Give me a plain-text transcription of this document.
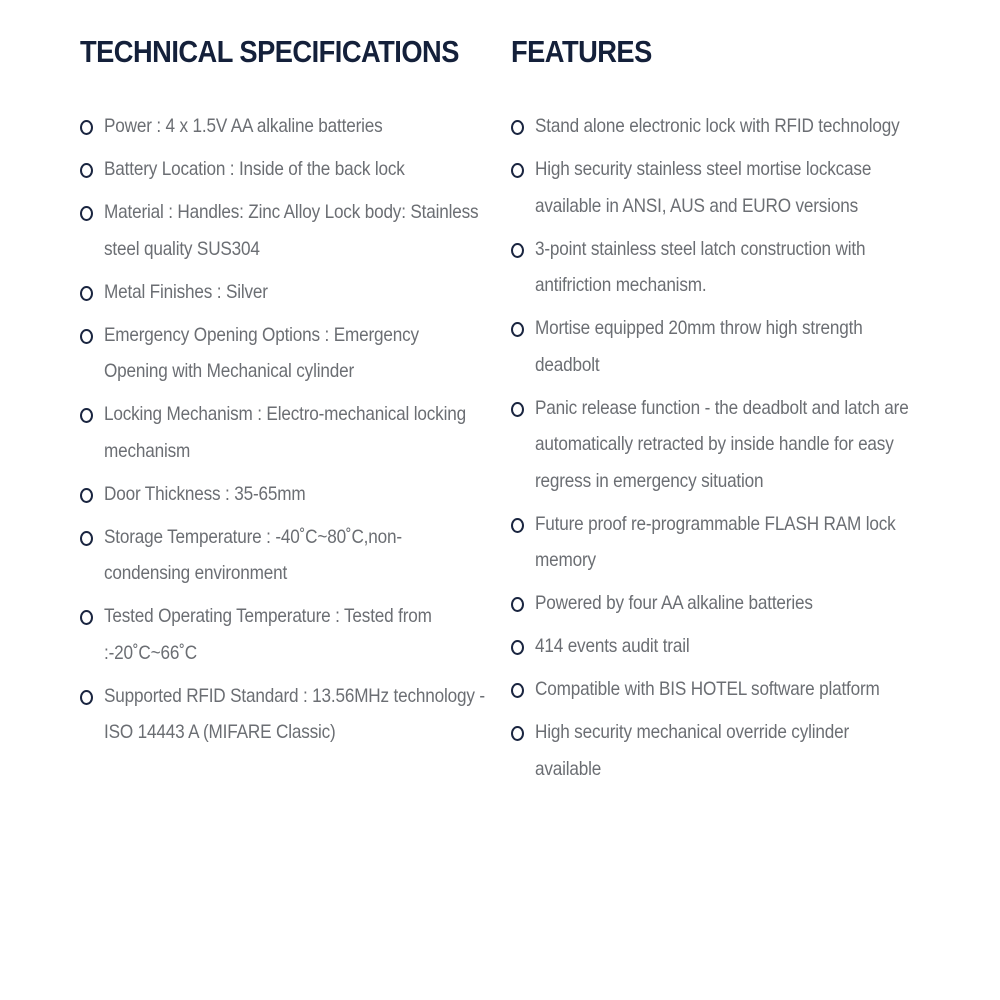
TECHNICAL SPECIFICATIONS
Power : 4 x 1.5V AA alkaline batteries
Battery Location : Inside of the back lock
Material : Handles: Zinc Alloy Lock body: Stainless steel quality SUS304
Metal Finishes : Silver
Emergency Opening Options : Emergency Opening with Mechanical cylinder
Locking Mechanism : Electro-mechanical locking mechanism
Door Thickness : 35-65mm
Storage Temperature : -40˚C~80˚C,non-condensing environment
Tested Operating Temperature : Tested from :-20˚C~66˚C
Supported RFID Standard : 13.56MHz technology - ISO 14443 A (MIFARE Classic)
FEATURES
Stand alone electronic lock with RFID technology
High security stainless steel mortise lockcase available in ANSI, AUS and EURO versions
3-point stainless steel latch construction with antifriction mechanism.
Mortise equipped 20mm throw high strength deadbolt
Panic release function - the deadbolt and latch are automatically retracted by inside handle for easy regress in emergency situation
Future proof re-programmable FLASH RAM lock memory
Powered by four AA alkaline batteries
414 events audit trail
Compatible with BIS HOTEL software platform
High security mechanical override cylinder available
